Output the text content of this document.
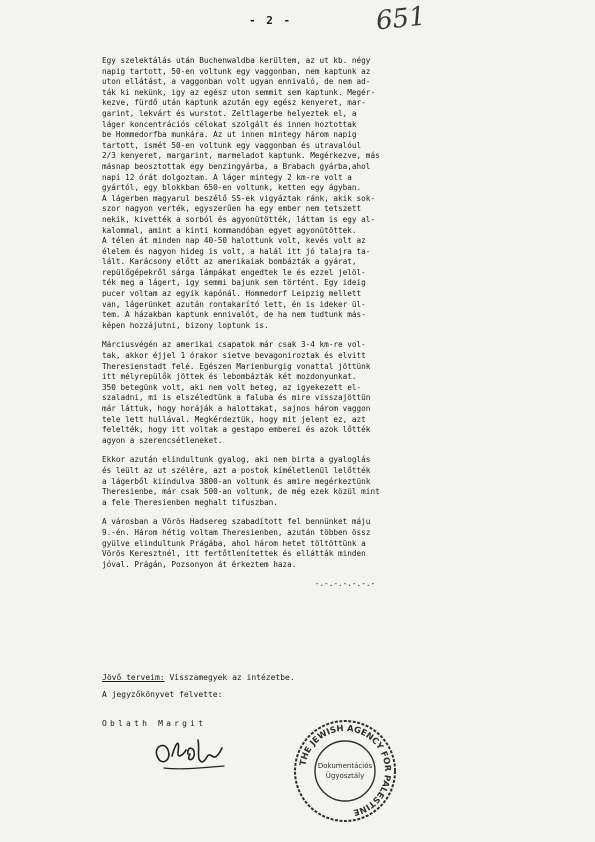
- 2 -	651
Egy szelektálás után Buchenwaldba kerültem, az ut kb. négy
napig tartott, 50-en voltunk egy vaggonban, nem kaptunk az
uton ellátást, a vaggonban volt ugyan ennivaló, de nem ad-
ták ki nekünk, igy az egész uton semmit sem kaptunk. Megér-
kezve, fürdő után kaptunk azután egy egész kenyeret, mar-
garint, lekvárt és wurstot. Zeltlagerbe helyeztek el, a
láger koncentrációs célokat szolgált és innen hoztottak
be Hommedorfba munkára. Az ut innen mintegy három napig
tartott, ismét 50-en voltunk egy vaggonban és utravalóul
2/3 kenyeret, margarint, marmeladot kaptunk. Megérkezve, más
másnap beosztottak egy benzingyárba, a Brabach gyárba,ahol
napi 12 órát dolgoztam. A láger mintegy 2 km-re volt a
gyártól, egy blokkban 650-en voltunk, ketten egy ágyban.
A lágerben magyarul beszélő SS-ek vigyáztak ránk, akik sok-
szor nagyon verték, egyszerűen ha egy ember nem tetszett
nekik, kivették a sorból és agyonütötték, láttam is egy al-
kalommal, amint a kinti kommandóban egyet agyonütöttek.
A télen át minden nap 40-50 halottunk volt, kevés volt az
élelem és nagyon hideg is volt, a halál itt jó talajra ta-
lált. Karácsony előtt az amerikaiak bombázták a gyárat,
repülőgépekről sárga lámpákat engedtek le és ezzel jelöl-
ték meg a lágert, igy semmi bajunk sem történt. Egy ideig
pucer voltam az egyik kapónál. Hommedorf Leipzig mellett
van, lágerünket azután rontakarító lett, én is ideker ül-
tem. A házakban kaptunk ennivalót, de ha nem tudtunk más-
képen hozzájutni, bizony loptunk is.
Márciusvégén az amerikai csapatok már csak 3-4 km-re vol-
tak, akkor éjjel 1 órakor sietve bevagoniroztak és elvitt
Theresienstadt felé. Egészen Marienburgig vonattal jöttünk
itt mélyrepülők jöttek és lebombázták két mozdonyunkat.
350 betegünk volt, aki nem volt beteg, az igyekezett el-
szaladni, mi is elszéledtünk a faluba és mire visszajöttün
már láttuk, hogy horáják a halottakat, sajnos három vaggon
tele lett hullával. Megkérdeztük, hogy mit jelent ez, azt
felelték, hogy itt voltak a gestapo emberei és azok lőtték
agyon a szerencsétleneket.
Ekkor azután elindultunk gyalog, aki nem birta a gyaloglás
és leült az ut szélére, azt a postok kíméletlenül lelőtték
a lágerből kiindulva 3800-an voltunk és amire megérkeztünk
Theresienbe, már csak 500-an voltunk, de még ezek közül mint
a fele Theresienben meghalt tifuszban.
A városban a Vörös Hadsereg szabadított fel bennünket máju
9.-én. Három hétig voltam Theresienben, azután többen össz
gyülve elindultunk Prágába, ahol három hetet töltöttünk a
Vörös Keresztnél, itt fertőtlenítettek és ellátták minden
jóval. Prágán, Pozsonyon át érkeztem haza.
-.-.-.-.-.-.-
Jövő terveim: Visszamegyek az intézetbe.
A jegyzőkönyvet felvette:
Oblath Margit
THE JEWISH AGENCY FOR PALESTINE
Dokumentációs
Ügyosztály
